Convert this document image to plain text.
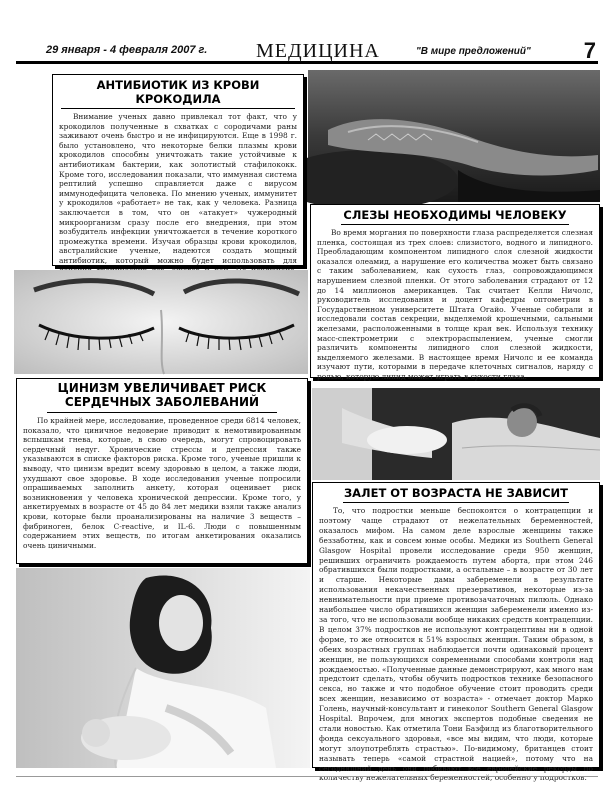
29 января - 4 февраля 2007 г. МЕДИЦИНА	"В мире предложений" 7
АНТИБИОТИК ИЗ КРОВИ КРОКОДИЛА

Внимание ученых давно привлекал тот факт, что у крокодилов полученные в схватках с сородичами раны заживают очень быстро и не инфицируются. Еще в 1998 г. было установлено, что некоторые белки плазмы крови крокодилов способны уничтожать такие устойчивые к антибиотикам бактерии, как золотистый стафилококк. Кроме того, исследования показали, что иммунная система рептилий успешно справляется даже с вирусом иммунодефицита человека. По мнению ученых, иммунитет у крокодилов «работает» не так, как у человека. Разница заключается в том, что он «атакует» чужеродный микроорганизм сразу после его внедрения, при этом возбудитель инфекции уничтожается в течение короткого промежутка времени. Изучая образцы крови крокодилов, австралийские ученые, надеются создать мощный антибиотик, который можно будет использовать для

СЛЕЗЫ НЕОБХОДИМЫ ЧЕЛОВЕКУ

Во время моргания по поверхности глаза распределяется слезная пленка, состоящая из трех слоев: слизистого, водного и липидного. Преобладающим компонентом липидного слоя слезной жидкости оказался олеамид, а нарушение его количества может быть связано с таким заболеванием, как сухость глаз, сопровождающимся нарушением слезной пленки. От этого заболевания страдают от 12 до 14 миллионов американцев. Так считает Келли Ничолс, руководитель исследования и доцент кафедры оптометрии в Государственном университете Штата Огайо. Ученые собирали и исследовали состав секреции, выделяемой крошечными, сальными железами, расположенными в толще края век. Используя технику масс-спектрометрии с электрораспылением, ученые смогли различить компоненты липидного слоя слезной жидкости, выделяемого железами. В настоящее время Ничолс и ее команда изучают пути, которыми в передаче клеточных сигналов, наряду с ролью, которую липид может играть в сухости глаза.

ЦИНИЗМ УВЕЛИЧИВАЕТ РИСК
СЕРДЕЧНЫХ ЗАБОЛЕВАНИЙ

По крайней мере, исследование, проведенное среди 6814 человек, показало, что циничное недоверие приводит к немотивированным вспышкам гнева, которые, в свою очередь, могут спровоцировать сердечный недуг. Хронические стрессы и депрессия также указываются в списке факторов риска. Кроме того, ученые пришли к выводу, что цинизм вредит всему здоровью в целом, а также люди, ухудшают свое здоровье. В ходе исследования ученые попросили опрашиваемых заполнить анкету, которая оценивает риск возникновения у человека хронической депрессии. Кроме того, у анкетируемых в возрасте от 45 до 84 лет медики взяли также анализ крови, которые были проанализированы на наличие 3 веществ – фибриноген, белок C-reactive, и IL-6. Люди с повышенным содержанием этих веществ, по итогам анкетирования оказались очень циничными.

ЗАЛЕТ ОТ ВОЗРАСТА НЕ ЗАВИСИТ

То, что подростки меньше беспокоятся о контрацепции и поэтому чаще страдают от нежелательных беременностей, оказалось мифом. На самом деле взрослые женщины также беззаботны, как и совсем юные особы. Медики из Southern General Glasgow Hospital провели исследование среди 950 женщин, решивших ограничить рождаемость путем аборта, при этом 246 обратившихся были подростками, а остальные – в возрасте от 30 лет и старше. Некоторые дамы забеременели в результате использования некачественных презервативов, некоторые из-за невнимательности при приеме противозачаточных пилюль. Однако наибольшее число обратившихся женщин забеременели именно из-за того, что не использовали вообще никаких средств контрацепции. В целом 37% подростков не используют контрацептивы ни в одной форме, то же относится к 51% взрослых женщин. Таким образом, в обеих возрастных группах наблюдается почти одинаковый процент женщин, не пользующихся современными способами контроля над рождаемостью. «Полученные данные демонстрируют, как много нам предстоит сделать, чтобы обучить подростков технике безопасного секса, но также и что подобное обучение стоит проводить среди всех женщин, независимо от возраста» - отмечает доктор Марко Голень, научный-консультант и гинеколог Southern General Glasgow Hospital. Впрочем, для многих экспертов подобные сведения не стали новостью. Как отметила Тони Базфилд из благотворительного фонда сексуального здоровья, «все мы видим, что люди, которые могут злоупотреблять страстью». По-видимому, британцев стоит называть теперь «самой страстной нацией», потому что на сегодняшний день они побивают все европейские рекорды по количеству нежелательных беременностей, особенно у подростков.
